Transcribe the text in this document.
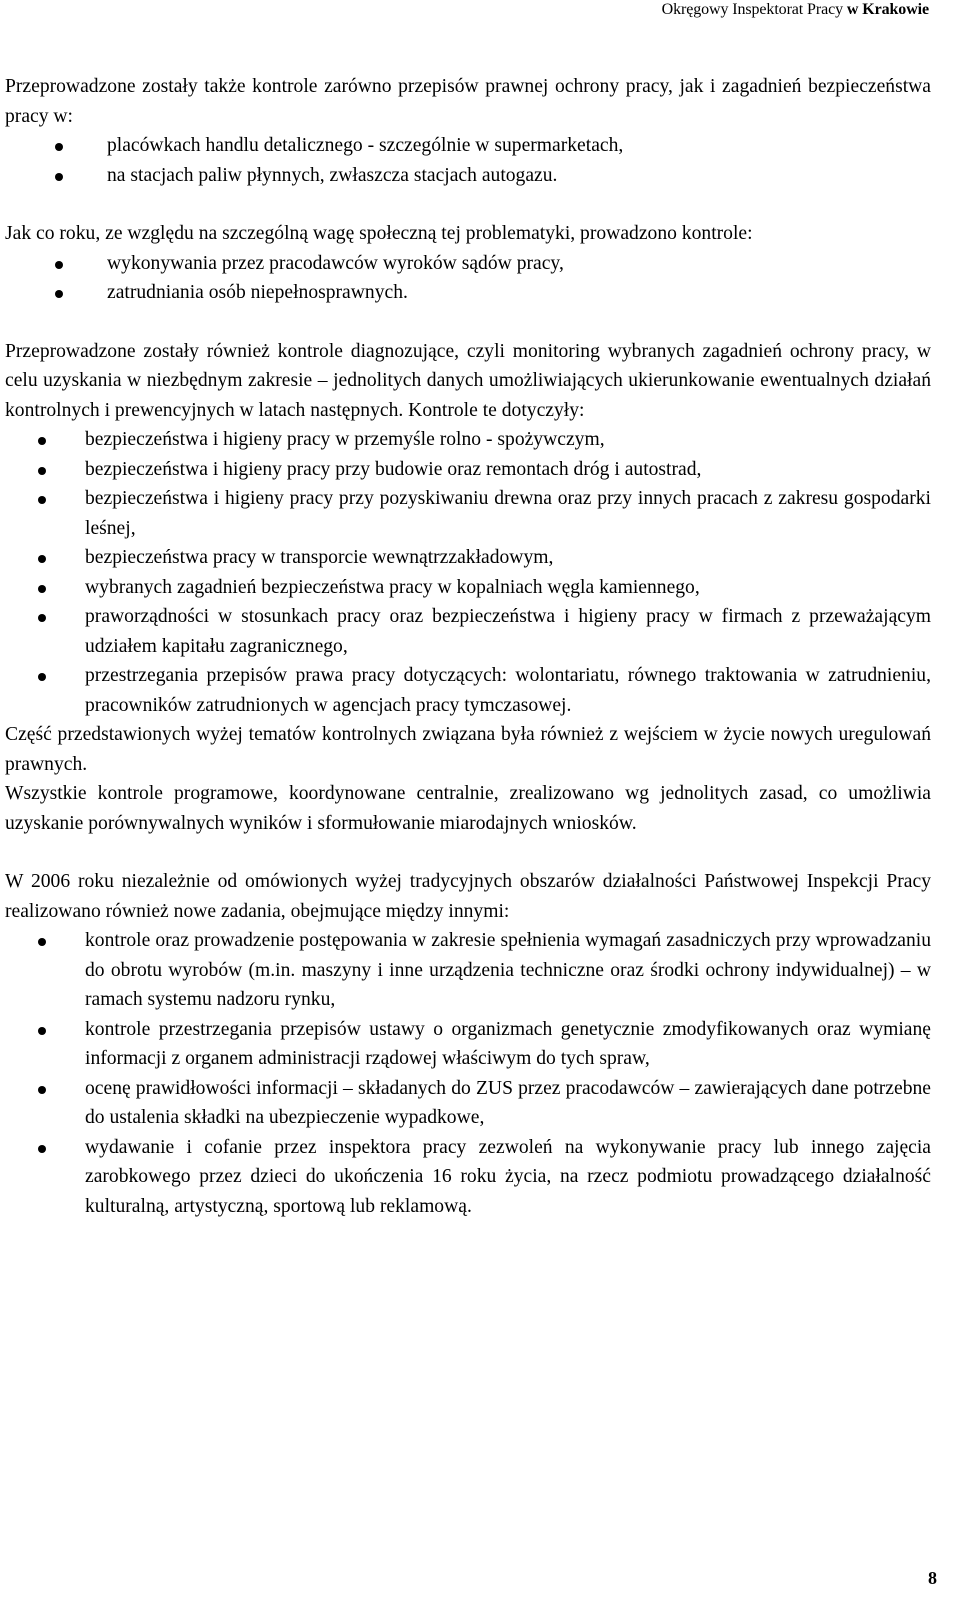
Okręgowy Inspektorat Pracy w Krakowie

Przeprowadzone zostały także kontrole zarówno przepisów prawnej ochrony pracy, jak i zagadnień bezpieczeństwa pracy w:

placówkach handlu detalicznego - szczególnie w supermarketach,
na stacjach paliw płynnych, zwłaszcza stacjach autogazu.

Jak co roku, ze względu na szczególną wagę społeczną tej problematyki, prowadzono kontrole:

wykonywania przez pracodawców wyroków sądów pracy,
zatrudniania osób niepełnosprawnych.

Przeprowadzone zostały również kontrole diagnozujące, czyli monitoring wybranych zagadnień ochrony pracy, w celu uzyskania w niezbędnym zakresie – jednolitych danych umożliwiających ukierunkowanie ewentualnych działań kontrolnych i prewencyjnych w latach następnych. Kontrole te dotyczyły:

bezpieczeństwa i higieny pracy w przemyśle rolno - spożywczym,
bezpieczeństwa i higieny pracy przy budowie oraz remontach dróg i autostrad,
bezpieczeństwa i higieny pracy przy pozyskiwaniu drewna oraz przy innych pracach z zakresu gospodarki leśnej,
bezpieczeństwa pracy w transporcie wewnątrzzakładowym,
wybranych zagadnień bezpieczeństwa pracy w kopalniach węgla kamiennego,
praworządności w stosunkach pracy oraz bezpieczeństwa i higieny pracy w firmach z przeważającym udziałem kapitału zagranicznego,
przestrzegania przepisów prawa pracy dotyczących: wolontariatu, równego traktowania w zatrudnieniu, pracowników zatrudnionych w agencjach pracy tymczasowej.

Część przedstawionych wyżej tematów kontrolnych związana była również z wejściem w życie nowych uregulowań prawnych.

Wszystkie kontrole programowe, koordynowane centralnie, zrealizowano wg jednolitych zasad, co umożliwia uzyskanie porównywalnych wyników i sformułowanie miarodajnych wniosków.

W 2006 roku niezależnie od omówionych wyżej tradycyjnych obszarów działalności Państwowej Inspekcji Pracy realizowano również nowe zadania, obejmujące między innymi:

kontrole oraz prowadzenie postępowania w zakresie spełnienia wymagań zasadniczych przy wprowadzaniu do obrotu wyrobów (m.in. maszyny i inne urządzenia techniczne oraz środki ochrony indywidualnej) – w ramach systemu nadzoru rynku,
kontrole przestrzegania przepisów ustawy o organizmach genetycznie zmodyfikowanych oraz wymianę informacji z organem administracji rządowej właściwym do tych spraw,
ocenę prawidłowości informacji – składanych do ZUS przez pracodawców – zawierających dane potrzebne do ustalenia składki na ubezpieczenie wypadkowe,
wydawanie i cofanie przez inspektora pracy zezwoleń na wykonywanie pracy lub innego zajęcia zarobkowego przez dzieci do ukończenia 16 roku życia, na rzecz podmiotu prowadzącego działalność kulturalną, artystyczną, sportową lub reklamową.
8
